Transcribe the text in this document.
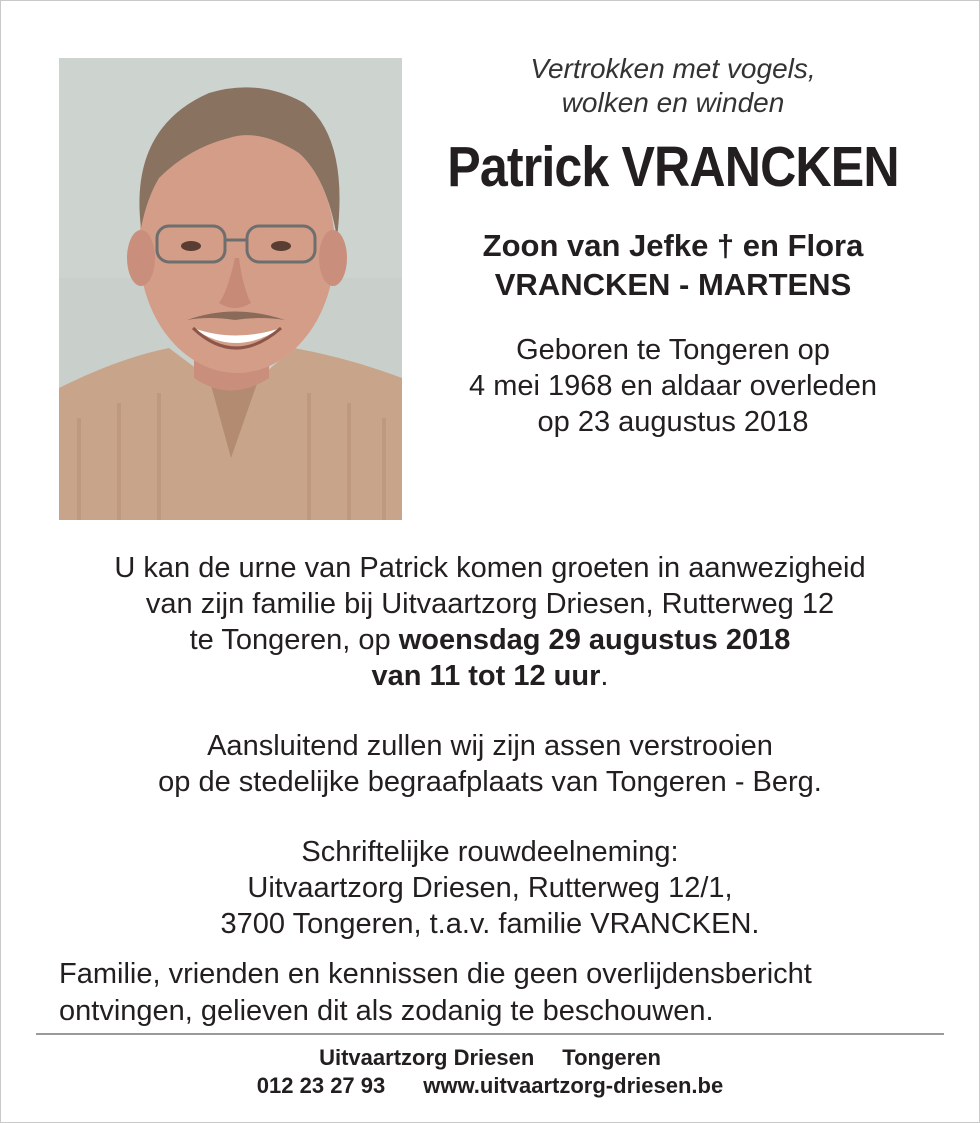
Vertrokken met vogels,
wolken en winden
Patrick VRANCKEN
Zoon van Jefke † en Flora
VRANCKEN - MARTENS
Geboren te Tongeren op
4 mei 1968 en aldaar overleden
op 23 augustus 2018
U kan de urne van Patrick komen groeten in aanwezigheid
van zijn familie bij Uitvaartzorg Driesen, Rutterweg 12
te Tongeren, op woensdag 29 augustus 2018
van 11 tot 12 uur.
Aansluitend zullen wij zijn assen verstrooien
op de stedelijke begraafplaats van Tongeren - Berg.
Schriftelijke rouwdeelneming:
Uitvaartzorg Driesen, Rutterweg 12/1,
3700 Tongeren, t.a.v. familie VRANCKEN.
Familie, vrienden en kennissen die geen overlijdensbericht
ontvingen, gelieven dit als zodanig te beschouwen.
Uitvaartzorg Driesen Tongeren
012 23 27 93 www.uitvaartzorg-driesen.be
